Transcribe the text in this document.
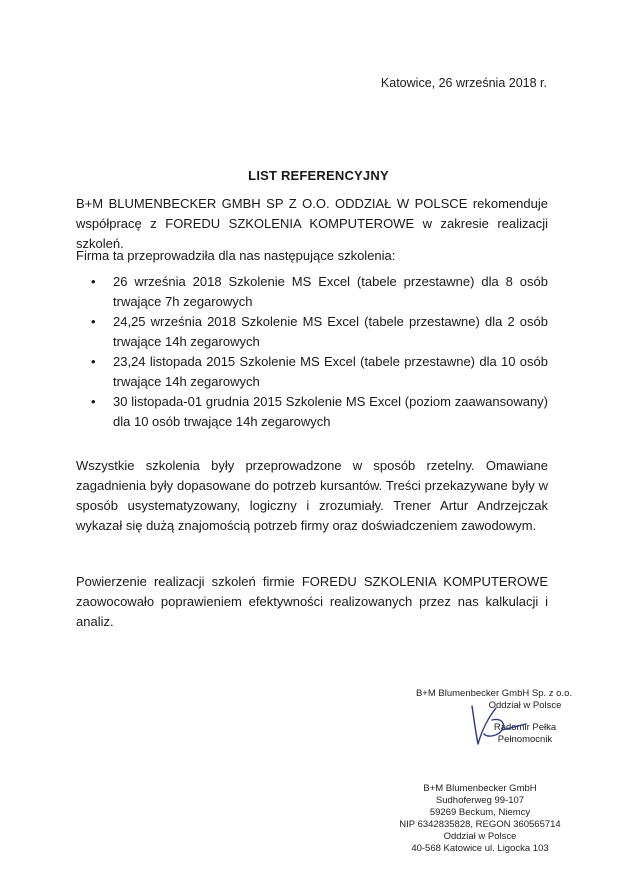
Katowice, 26 września 2018 r.
LIST REFERENCYJNY
B+M BLUMENBECKER GMBH SP Z O.O. ODDZIAŁ W POLSCE rekomenduje współpracę z FOREDU SZKOLENIA KOMPUTEROWE w zakresie realizacji szkoleń.
Firma ta przeprowadziła dla nas następujące szkolenia:
• 26 września 2018 Szkolenie MS Excel (tabele przestawne) dla 8 osób trwające 7h zegarowych
• 24,25 września 2018 Szkolenie MS Excel (tabele przestawne) dla 2 osób trwające 14h zegarowych
• 23,24 listopada 2015 Szkolenie MS Excel (tabele przestawne) dla 10 osób trwające 14h zegarowych
• 30 listopada-01 grudnia 2015 Szkolenie MS Excel (poziom zaawansowany) dla 10 osób trwające 14h zegarowych
Wszystkie szkolenia były przeprowadzone w sposób rzetelny. Omawiane zagadnienia były dopasowane do potrzeb kursantów. Treści przekazywane były w sposób usystematyzowany, logiczny i zrozumiały. Trener Artur Andrzejczak wykazał się dużą znajomością potrzeb firmy oraz doświadczeniem zawodowym.
Powierzenie realizacji szkoleń firmie FOREDU SZKOLENIA KOMPUTEROWE zaowocowało poprawieniem efektywności realizowanych przez nas kalkulacji i analiz.
B+M Blumenbecker GmbH Sp. z o.o.
Oddział w Polsce
Radomir Pełka
Pełnomocnik
B+M Blumenbecker GmbH
Sudhoferweg 99-107
59269 Beckum, Niemcy
NIP 6342835828, REGON 360565714
Oddział w Polsce
40-568 Katowice ul. Ligocka 103
